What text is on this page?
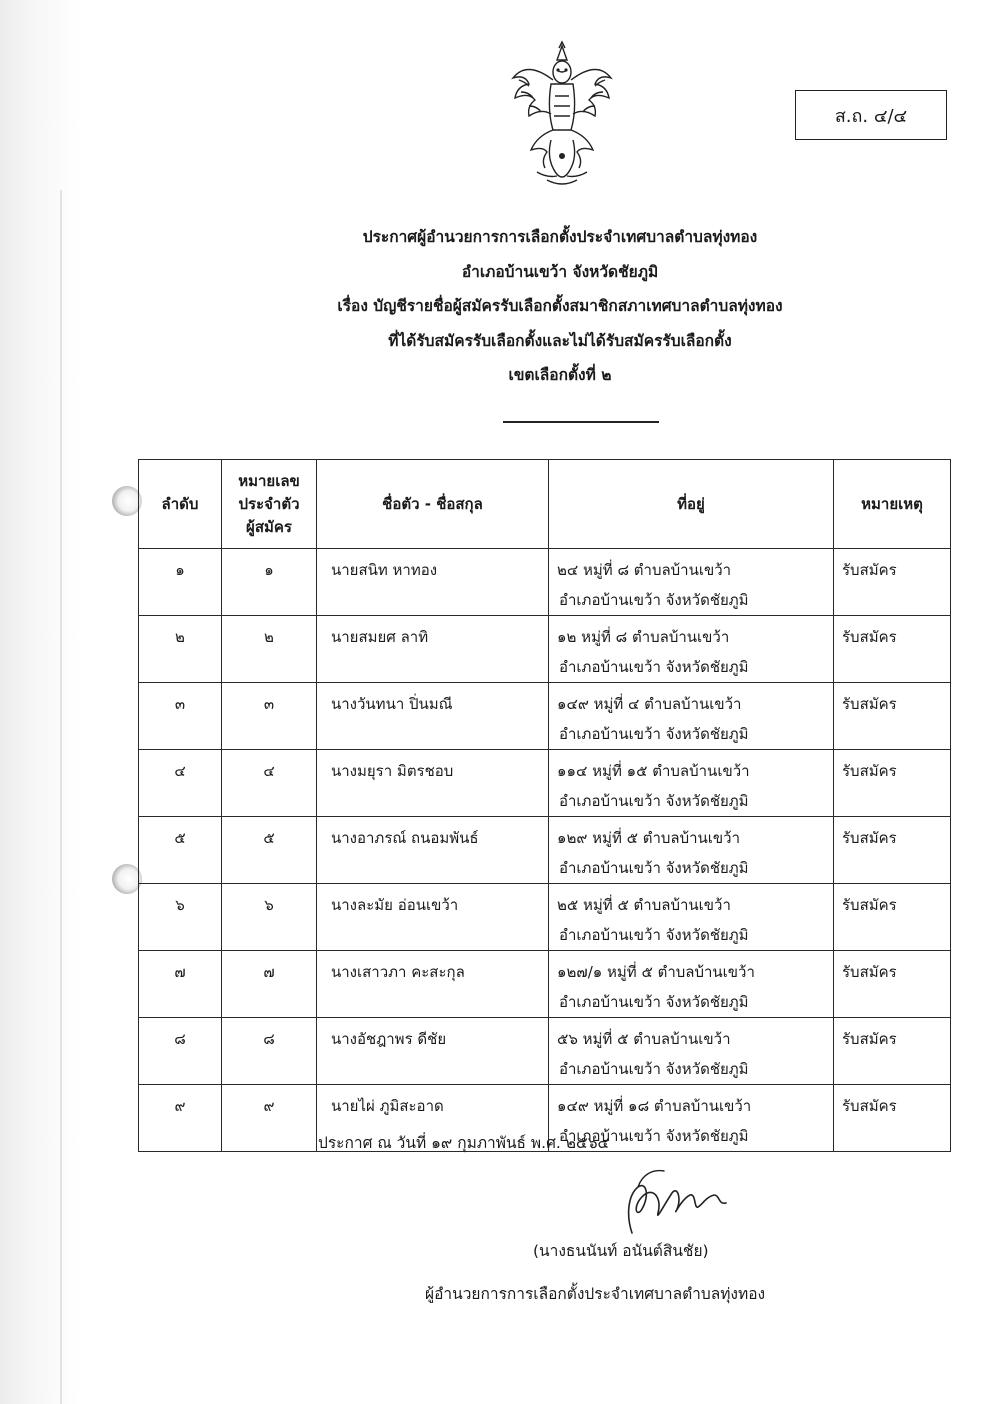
ส.ถ. ๔/๔
ประกาศผู้อำนวยการการเลือกตั้งประจำเทศบาลตำบลทุ่งทอง
อำเภอบ้านเขว้า จังหวัดชัยภูมิ
เรื่อง บัญชีรายชื่อผู้สมัครรับเลือกตั้งสมาชิกสภาเทศบาลตำบลทุ่งทอง
ที่ได้รับสมัครรับเลือกตั้งและไม่ได้รับสมัครรับเลือกตั้ง
เขตเลือกตั้งที่ ๒
ลำดับ	หมายเลข
ประจำตัว
ผู้สมัคร	ชื่อตัว - ชื่อสกุล	ที่อยู่	หมายเหตุ
๑	๑	นายสนิท หาทอง	๒๔ หมู่ที่ ๘ ตำบลบ้านเขว้า
อำเภอบ้านเขว้า จังหวัดชัยภูมิ	รับสมัคร
๒	๒	นายสมยศ ลาทิ	๑๒ หมู่ที่ ๘ ตำบลบ้านเขว้า
อำเภอบ้านเขว้า จังหวัดชัยภูมิ	รับสมัคร
๓	๓	นางวันทนา ปิ่นมณี	๑๔๙ หมู่ที่ ๔ ตำบลบ้านเขว้า
อำเภอบ้านเขว้า จังหวัดชัยภูมิ	รับสมัคร
๔	๔	นางมยุรา มิตรชอบ	๑๑๔ หมู่ที่ ๑๕ ตำบลบ้านเขว้า
อำเภอบ้านเขว้า จังหวัดชัยภูมิ	รับสมัคร
๕	๕	นางอาภรณ์ ถนอมพันธ์	๑๒๙ หมู่ที่ ๕ ตำบลบ้านเขว้า
อำเภอบ้านเขว้า จังหวัดชัยภูมิ	รับสมัคร
๖	๖	นางละมัย อ่อนเขว้า	๒๕ หมู่ที่ ๕ ตำบลบ้านเขว้า
อำเภอบ้านเขว้า จังหวัดชัยภูมิ	รับสมัคร
๗	๗	นางเสาวภา คะสะกุล	๑๒๗/๑ หมู่ที่ ๕ ตำบลบ้านเขว้า
อำเภอบ้านเขว้า จังหวัดชัยภูมิ	รับสมัคร
๘	๘	นางอัชฎาพร ดีชัย	๕๖ หมู่ที่ ๕ ตำบลบ้านเขว้า
อำเภอบ้านเขว้า จังหวัดชัยภูมิ	รับสมัคร
๙	๙	นายไผ่ ภูมิสะอาด	๑๔๙ หมู่ที่ ๑๘ ตำบลบ้านเขว้า
อำเภอบ้านเขว้า จังหวัดชัยภูมิ	รับสมัคร
ประกาศ ณ วันที่ ๑๙ กุมภาพันธ์ พ.ศ. ๒๕๖๔
(นางธนนันท์ อนันต์สินชัย)
ผู้อำนวยการการเลือกตั้งประจำเทศบาลตำบลทุ่งทอง
